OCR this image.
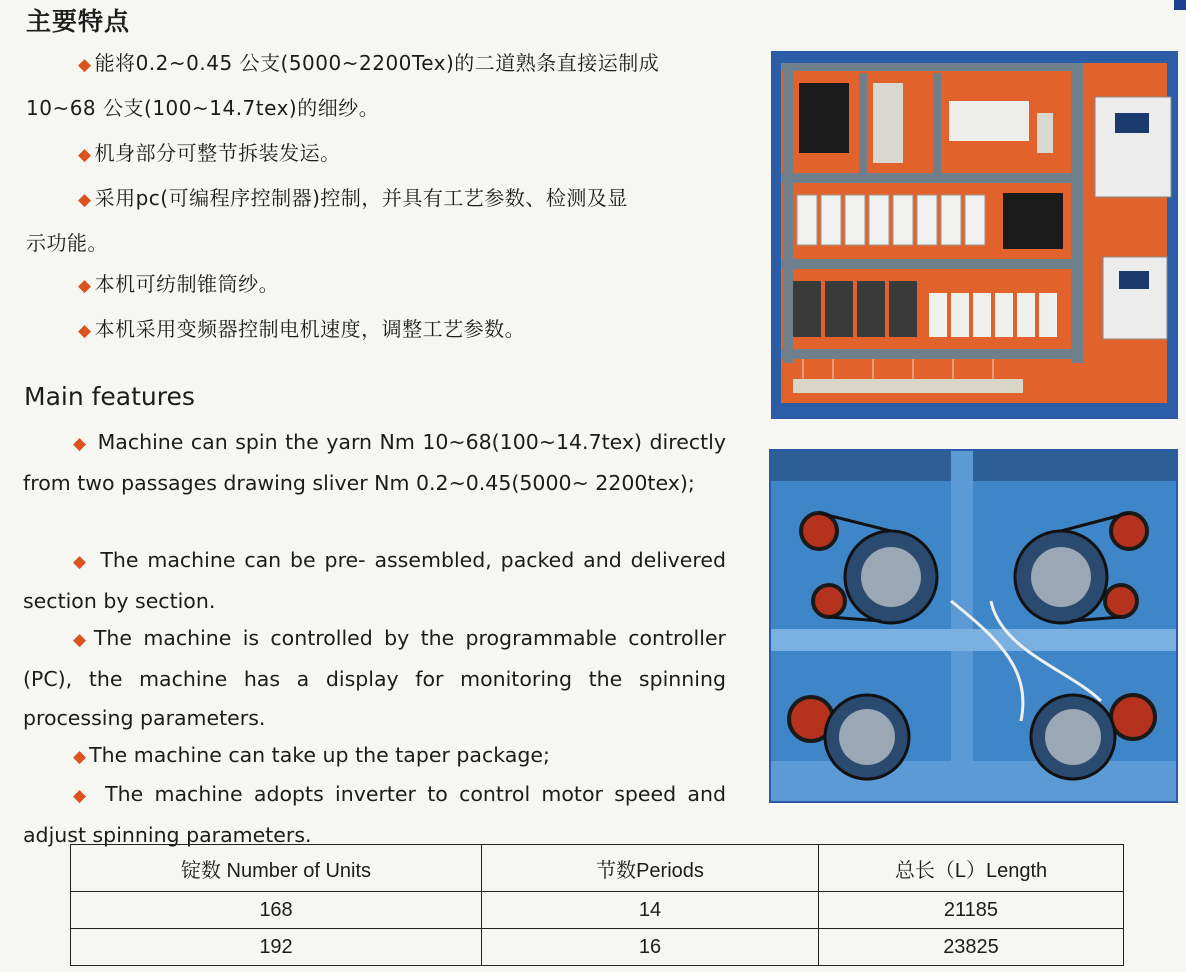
主要特点
◆ 能将0.2~0.45 公支(5000~2200Tex)的二道熟条直接运制成
10~68 公支(100~14.7tex)的细纱。
◆ 机身部分可整节拆装发运。
◆ 采用pc(可编程序控制器)控制，并具有工艺参数、检测及显
示功能。
◆ 本机可纺制锥筒纱。
◆ 本机采用变频器控制电机速度，调整工艺参数。
Main features
◆ Machine can spin the yarn Nm 10~68(100~14.7tex) directly from two passages drawing sliver Nm 0.2~0.45(5000~ 2200tex);
◆ The machine can be pre- assembled, packed and delivered section by section.
◆ The machine is controlled by the programmable controller (PC), the machine has a display for monitoring the spinning processing parameters.
◆ The machine can take up the taper package;
◆ The machine adopts inverter to control motor speed and adjust spinning parameters.
锭数 Number of Units	节数Periods	总长（L）Length
168	14	21185
192	16	23825
